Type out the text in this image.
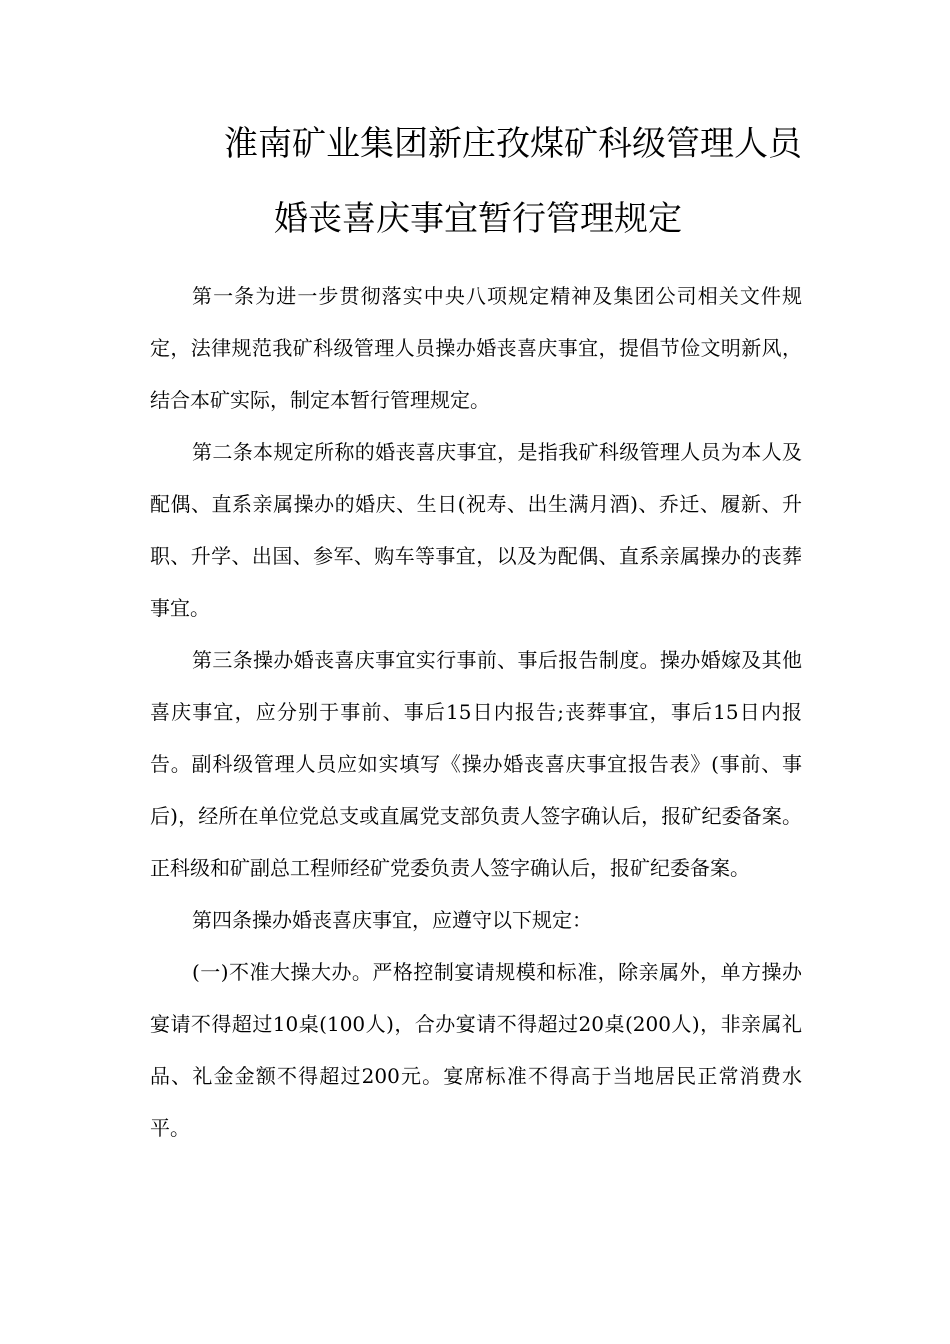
淮南矿业集团新庄孜煤矿科级管理人员
婚丧喜庆事宜暂行管理规定

第一条为进一步贯彻落实中央八项规定精神及集团公司相关文件规定，法律规范我矿科级管理人员操办婚丧喜庆事宜，提倡节俭文明新风，结合本矿实际，制定本暂行管理规定。

第二条本规定所称的婚丧喜庆事宜，是指我矿科级管理人员为本人及配偶、直系亲属操办的婚庆、生日(祝寿、出生满月酒)、乔迁、履新、升职、升学、出国、参军、购车等事宜，以及为配偶、直系亲属操办的丧葬事宜。

第三条操办婚丧喜庆事宜实行事前、事后报告制度。操办婚嫁及其他喜庆事宜，应分别于事前、事后15日内报告;丧葬事宜，事后15日内报告。副科级管理人员应如实填写《操办婚丧喜庆事宜报告表》(事前、事后)，经所在单位党总支或直属党支部负责人签字确认后，报矿纪委备案。正科级和矿副总工程师经矿党委负责人签字确认后，报矿纪委备案。

第四条操办婚丧喜庆事宜，应遵守以下规定：

(一)不准大操大办。严格控制宴请规模和标准，除亲属外，单方操办宴请不得超过10桌(100人)，合办宴请不得超过20桌(200人)，非亲属礼品、礼金金额不得超过200元。宴席标准不得高于当地居民正常消费水平。
